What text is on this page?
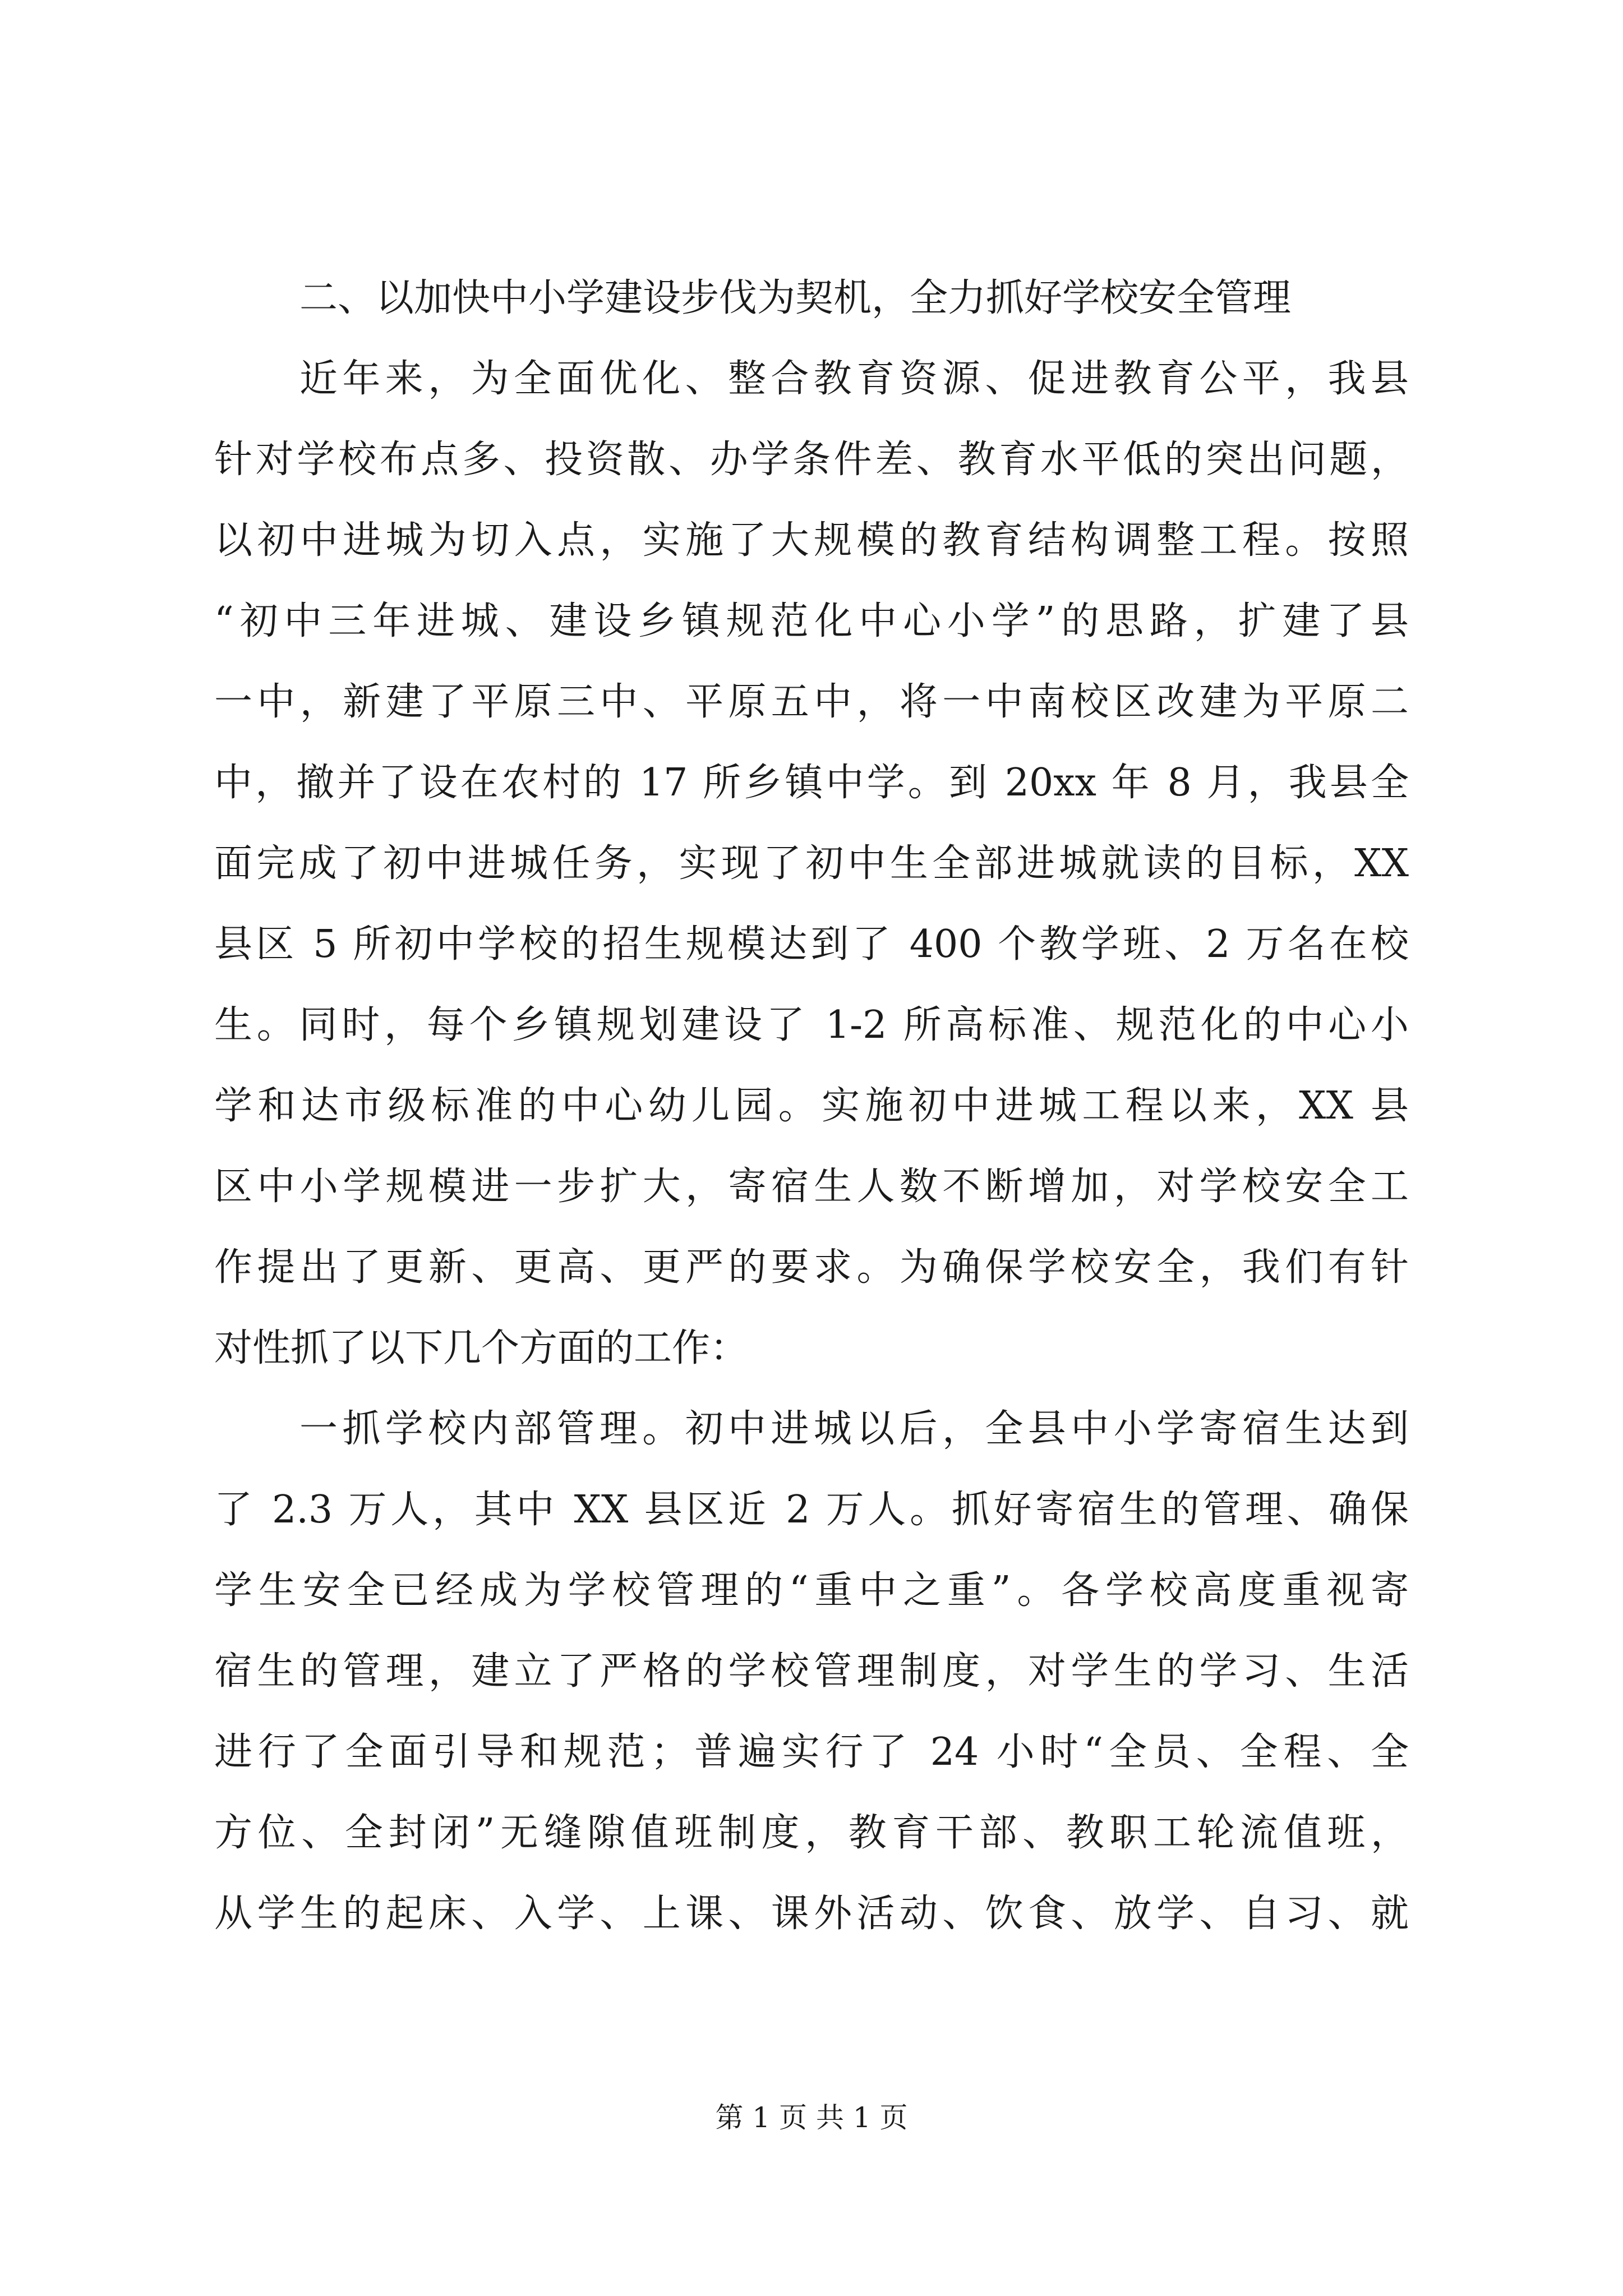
二、以加快中小学建设步伐为契机，全力抓好学校安全管理
近年来，为全面优化、整合教育资源、促进教育公平，我县
针对学校布点多、投资散、办学条件差、教育水平低的突出问题，
以初中进城为切入点，实施了大规模的教育结构调整工程。按照
“初中三年进城、建设乡镇规范化中心小学”的思路，扩建了县
一中，新建了平原三中、平原五中，将一中南校区改建为平原二
中，撤并了设在农村的 17 所乡镇中学。到 20xx 年 8 月，我县全
面完成了初中进城任务，实现了初中生全部进城就读的目标，XX
县区 5 所初中学校的招生规模达到了 400 个教学班、2 万名在校
生。同时，每个乡镇规划建设了 1-2 所高标准、规范化的中心小
学和达市级标准的中心幼儿园。实施初中进城工程以来，XX 县
区中小学规模进一步扩大，寄宿生人数不断增加，对学校安全工
作提出了更新、更高、更严的要求。为确保学校安全，我们有针
对性抓了以下几个方面的工作：
一抓学校内部管理。初中进城以后，全县中小学寄宿生达到
了 2.3 万人，其中 XX 县区近 2 万人。抓好寄宿生的管理、确保
学生安全已经成为学校管理的“重中之重”。各学校高度重视寄
宿生的管理，建立了严格的学校管理制度，对学生的学习、生活
进行了全面引导和规范；普遍实行了 24 小时“全员、全程、全
方位、全封闭”无缝隙值班制度，教育干部、教职工轮流值班，
从学生的起床、入学、上课、课外活动、饮食、放学、自习、就
第 1 页 共 1 页
